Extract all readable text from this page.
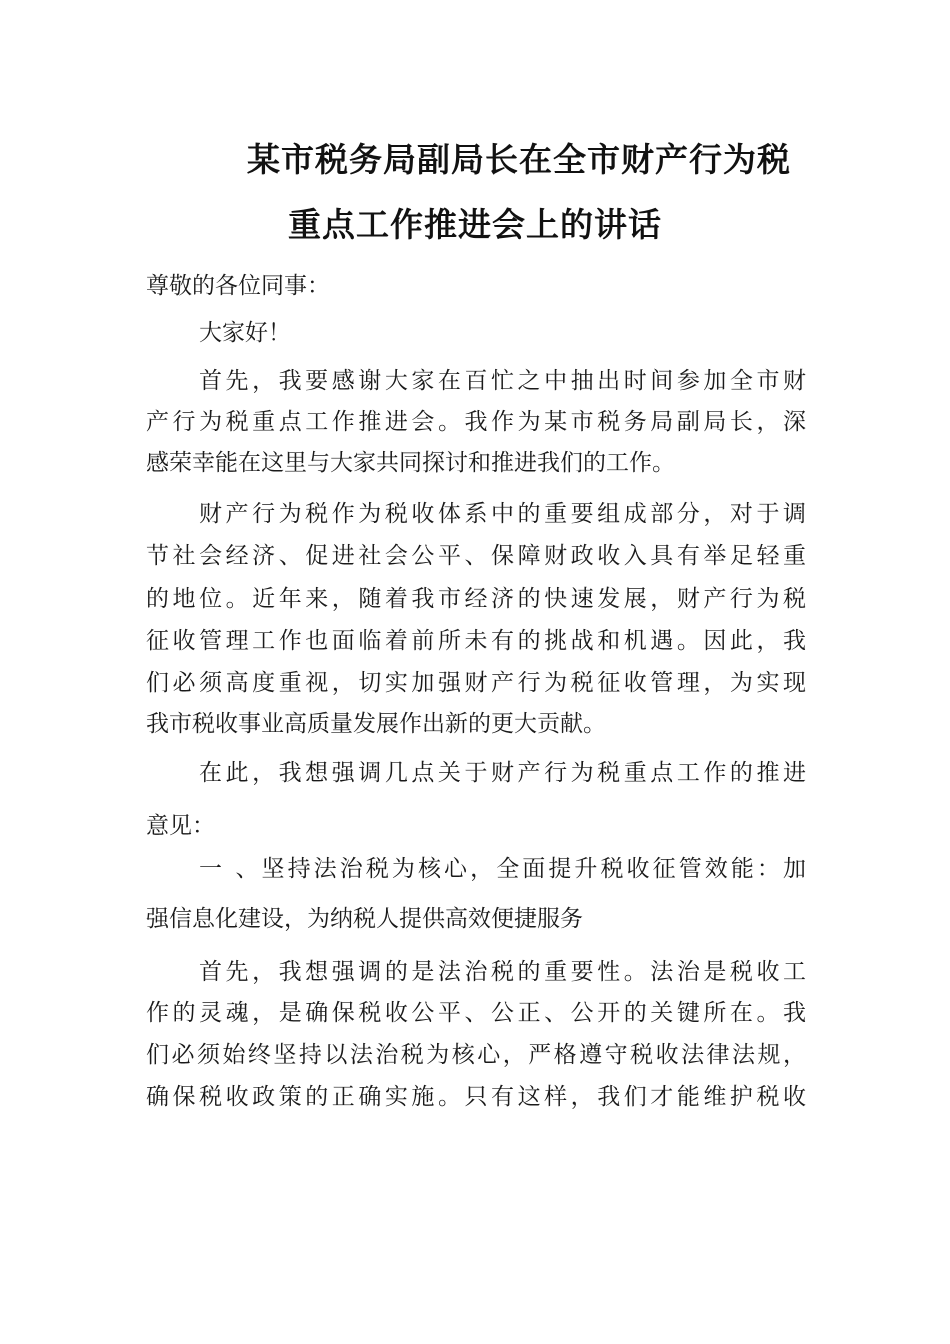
某市税务局副局长在全市财产行为税
重点工作推进会上的讲话
尊敬的各位同事：
大家好！
首先，我要感谢大家在百忙之中抽出时间参加全市财
产行为税重点工作推进会。我作为某市税务局副局长，深
感荣幸能在这里与大家共同探讨和推进我们的工作。
财产行为税作为税收体系中的重要组成部分，对于调
节社会经济、促进社会公平、保障财政收入具有举足轻重
的地位。近年来，随着我市经济的快速发展，财产行为税
征收管理工作也面临着前所未有的挑战和机遇。因此，我
们必须高度重视，切实加强财产行为税征收管理，为实现
我市税收事业高质量发展作出新的更大贡献。
在此，我想强调几点关于财产行为税重点工作的推进
意见：
一 、坚持法治税为核心，全面提升税收征管效能：加
强信息化建设，为纳税人提供高效便捷服务
首先，我想强调的是法治税的重要性。法治是税收工
作的灵魂，是确保税收公平、公正、公开的关键所在。我
们必须始终坚持以法治税为核心，严格遵守税收法律法规，
确保税收政策的正确实施。只有这样，我们才能维护税收
